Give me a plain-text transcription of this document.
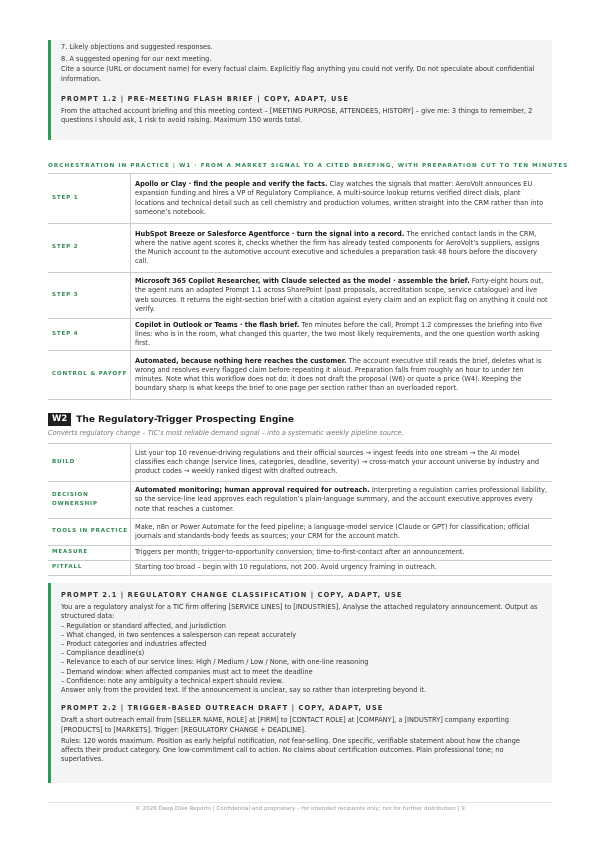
7. Likely objections and suggested responses.

8. A suggested opening for our next meeting.

Cite a source (URL or document name) for every factual claim. Explicitly flag anything you could not verify. Do not speculate about confidential information.

PROMPT 1.2 | PRE-MEETING FLASH BRIEF | COPY, ADAPT, USE

From the attached account briefing and this meeting context – [MEETING PURPOSE, ATTENDEES, HISTORY] – give me: 3 things to remember, 2 questions I should ask, 1 risk to avoid raising. Maximum 150 words total.

ORCHESTRATION IN PRACTICE | W1 · FROM A MARKET SIGNAL TO A CITED BRIEFING, WITH PREPARATION CUT TO TEN MINUTES
STEP 1	Apollo or Clay · find the people and verify the facts. Clay watches the signals that matter: AeroVolt announces EU expansion funding and hires a VP of Regulatory Compliance. A multi-source lookup returns verified direct dials, plant locations and technical detail such as cell chemistry and production volumes, written straight into the CRM rather than into someone’s notebook.
STEP 2	HubSpot Breeze or Salesforce Agentforce · turn the signal into a record. The enriched contact lands in the CRM, where the native agent scores it, checks whether the firm has already tested components for AeroVolt’s suppliers, assigns the Munich account to the automotive account executive and schedules a preparation task 48 hours before the discovery call.
STEP 3	Microsoft 365 Copilot Researcher, with Claude selected as the model · assemble the brief. Forty-eight hours out, the agent runs an adapted Prompt 1.1 across SharePoint (past proposals, accreditation scope, service catalogue) and live web sources. It returns the eight-section brief with a citation against every claim and an explicit flag on anything it could not verify.
STEP 4	Copilot in Outlook or Teams · the flash brief. Ten minutes before the call, Prompt 1.2 compresses the briefing into five lines: who is in the room, what changed this quarter, the two most likely requirements, and the one question worth asking first.
CONTROL & PAYOFF	Automated, because nothing here reaches the customer. The account executive still reads the brief, deletes what is wrong and resolves every flagged claim before repeating it aloud. Preparation falls from roughly an hour to under ten minutes. Note what this workflow does not do: it does not draft the proposal (W6) or quote a price (W4). Keeping the boundary sharp is what keeps the brief to one page per section rather than an overloaded report.
W2	The Regulatory-Trigger Prospecting Engine
Converts regulatory change – TIC’s most reliable demand signal – into a systematic weekly pipeline source.
BUILD	List your top 10 revenue-driving regulations and their official sources → ingest feeds into one stream → the AI model classifies each change (service lines, categories, deadline, severity) → cross-match your account universe by industry and product codes → weekly ranked digest with drafted outreach.
DECISION OWNERSHIP	Automated monitoring; human approval required for outreach. Interpreting a regulation carries professional liability, so the service-line lead approves each regulation’s plain-language summary, and the account executive approves every note that reaches a customer.
TOOLS IN PRACTICE	Make, n8n or Power Automate for the feed pipeline; a language-model service (Claude or GPT) for classification; official journals and standards-body feeds as sources; your CRM for the account match.
MEASURE	Triggers per month; trigger-to-opportunity conversion; time-to-first-contact after an announcement.
PITFALL	Starting too broad – begin with 10 regulations, not 200. Avoid urgency framing in outreach.

PROMPT 2.1 | REGULATORY CHANGE CLASSIFICATION | COPY, ADAPT, USE

You are a regulatory analyst for a TIC firm offering [SERVICE LINES] to [INDUSTRIES]. Analyse the attached regulatory announcement. Output as structured data:

– Regulation or standard affected, and jurisdiction

– What changed, in two sentences a salesperson can repeat accurately

– Product categories and industries affected

– Compliance deadline(s)

– Relevance to each of our service lines: High / Medium / Low / None, with one-line reasoning

– Demand window: when affected companies must act to meet the deadline

– Confidence: note any ambiguity a technical expert should review.

Answer only from the provided text. If the announcement is unclear, say so rather than interpreting beyond it.

PROMPT 2.2 | TRIGGER-BASED OUTREACH DRAFT | COPY, ADAPT, USE

Draft a short outreach email from [SELLER NAME, ROLE] at [FIRM] to [CONTACT ROLE] at [COMPANY], a [INDUSTRY] company exporting [PRODUCTS] to [MARKETS]. Trigger: [REGULATORY CHANGE + DEADLINE].

Rules: 120 words maximum. Position as early helpful notification, not fear-selling. One specific, verifiable statement about how the change affects their product category. One low-commitment call to action. No claims about certification outcomes. Plain professional tone; no superlatives.

© 2026 Deep Dive Reports | Confidential and proprietary – for intended recipients only; not for further distribution | 9
